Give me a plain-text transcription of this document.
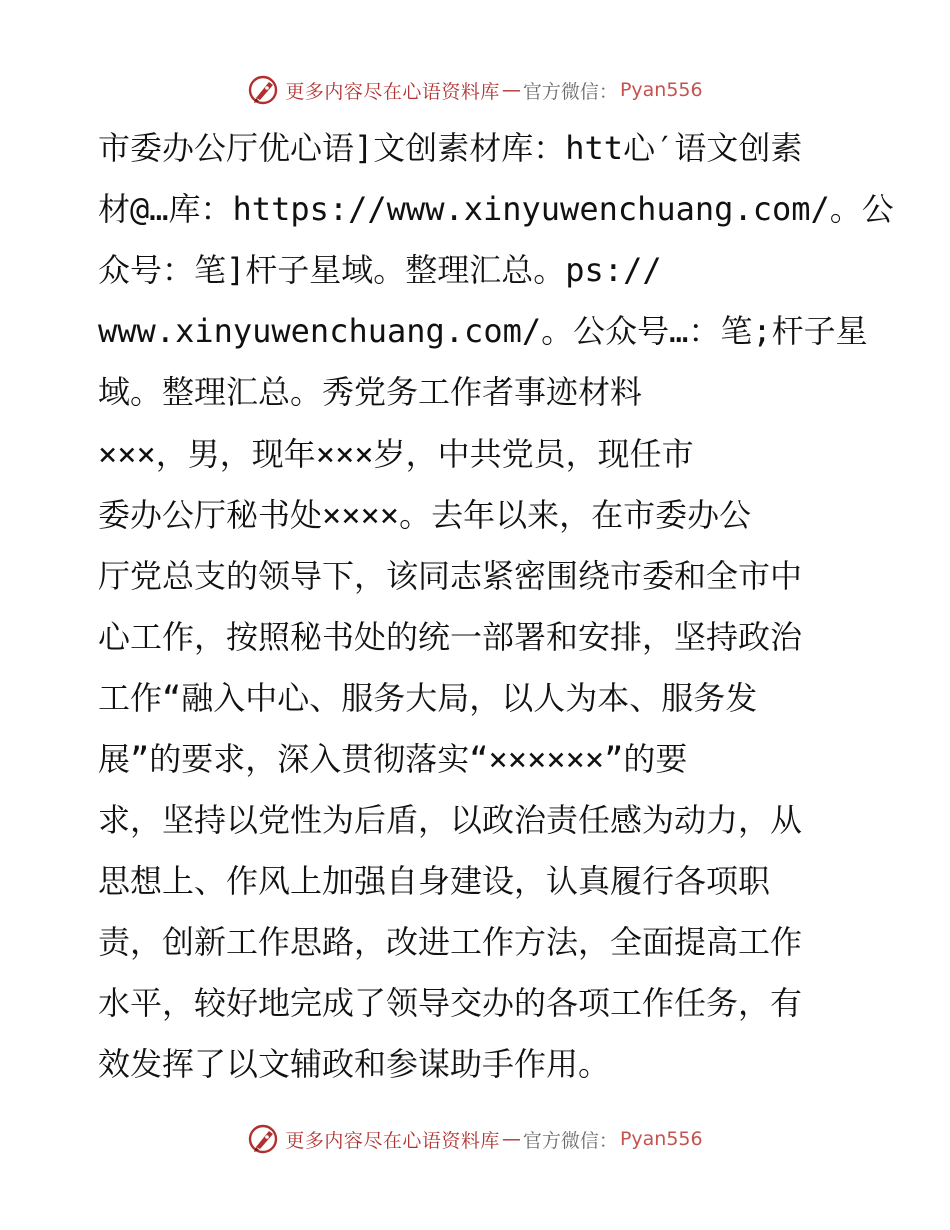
更多内容尽在心语资料库 — 官方微信： Pyan556
市委办公厅优心语]文创素材库：htt心′语文创素
材@…库：https://www.xinyuwenchuang.com/。公
众号：笔]杆子星域。整理汇总。ps://
www.xinyuwenchuang.com/。公众号…：笔;杆子星
域。整理汇总。秀党务工作者事迹材料
×××，男，现年×××岁，中共党员，现任市
委办公厅秘书处××××。去年以来，在市委办公
厅党总支的领导下，该同志紧密围绕市委和全市中
心工作，按照秘书处的统一部署和安排，坚持政治
工作“融入中心、服务大局，以人为本、服务发
展”的要求，深入贯彻落实“××××××”的要
求，坚持以党性为后盾，以政治责任感为动力，从
思想上、作风上加强自身建设，认真履行各项职
责，创新工作思路，改进工作方法，全面提高工作
水平，较好地完成了领导交办的各项工作任务，有
效发挥了以文辅政和参谋助手作用。
更多内容尽在心语资料库 — 官方微信： Pyan556
